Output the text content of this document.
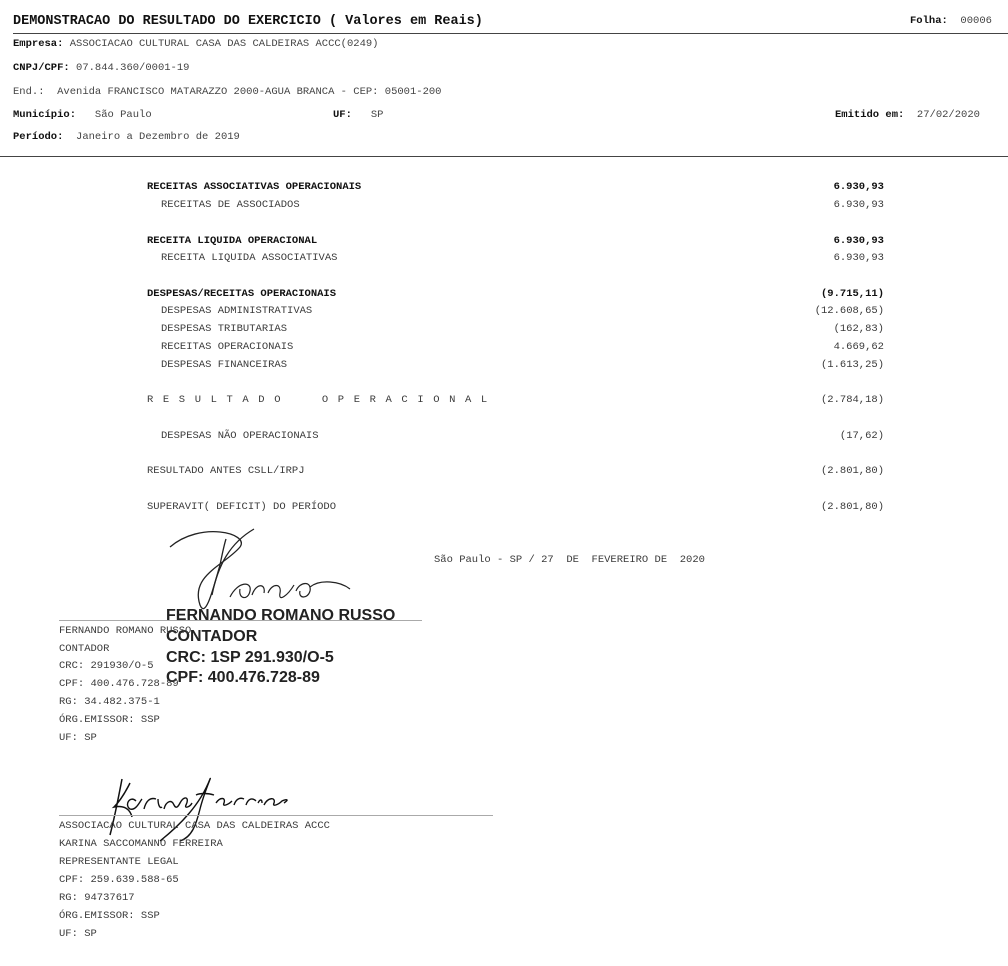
DEMONSTRACAO DO RESULTADO DO EXERCICIO ( Valores em Reais)	Folha: 00006
Empresa: ASSOCIACAO CULTURAL CASA DAS CALDEIRAS ACCC(0249)
CNPJ/CPF: 07.844.360/0001-19
End.: Avenida FRANCISCO MATARAZZO 2000-AGUA BRANCA - CEP: 05001-200
Município: São Paulo	UF: SP	Emitido em: 27/02/2020
Período: Janeiro a Dezembro de 2019
RECEITAS ASSOCIATIVAS OPERACIONAIS	6.930,93
RECEITAS DE ASSOCIADOS	6.930,93
RECEITA LIQUIDA OPERACIONAL	6.930,93
RECEITA LIQUIDA ASSOCIATIVAS	6.930,93
DESPESAS/RECEITAS OPERACIONAIS	(9.715,11)
DESPESAS ADMINISTRATIVAS	(12.608,65)
DESPESAS TRIBUTARIAS	(162,83)
RECEITAS OPERACIONAIS	4.669,62
DESPESAS FINANCEIRAS	(1.613,25)
RESULTADO  OPERACIONAL	(2.784,18)
DESPESAS NÃO OPERACIONAIS	(17,62)
RESULTADO ANTES CSLL/IRPJ	(2.801,80)
SUPERAVIT( DEFICIT) DO PERÍODO	(2.801,80)
São Paulo - SP / 27  DE  FEVEREIRO DE  2020
FERNANDO ROMANO RUSSO
CONTADOR
CRC: 1SP 291.930/O-5
CPF: 400.476.728-89
FERNANDO ROMANO RUSSO
CONTADOR
CRC: 291930/O-5
CPF: 400.476.728-89
RG: 34.482.375-1
ÓRG.EMISSOR: SSP
UF: SP
ASSOCIACAO CULTURAL CASA DAS CALDEIRAS ACCC
KARINA SACCOMANNO FERREIRA
REPRESENTANTE LEGAL
CPF: 259.639.588-65
RG: 94737617
ÓRG.EMISSOR: SSP
UF: SP
